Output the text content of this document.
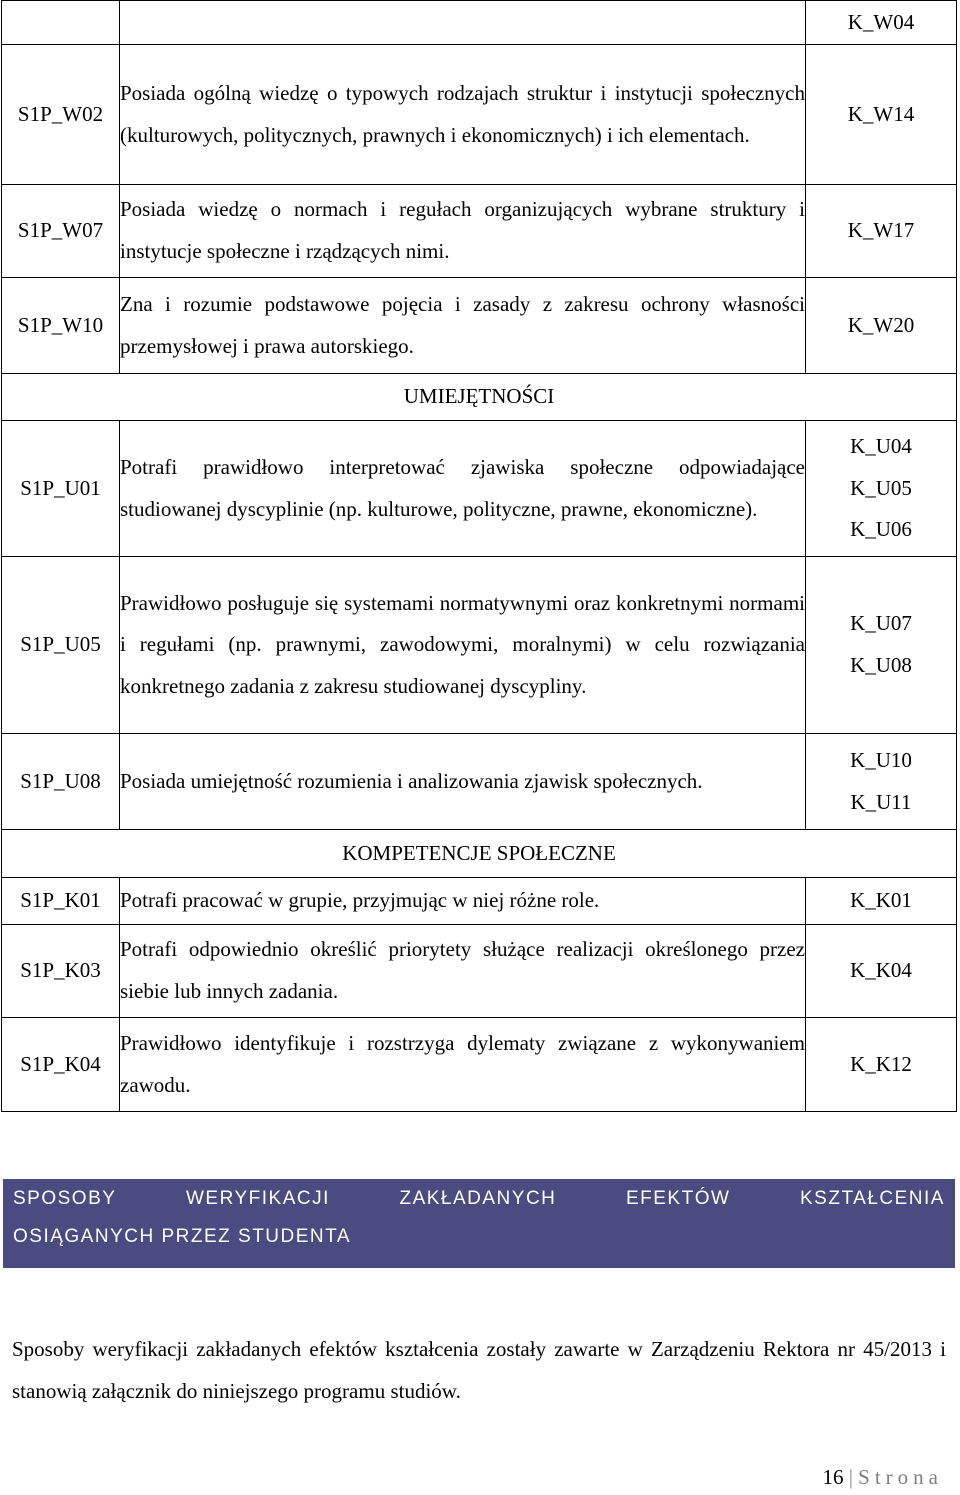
		K_W04
S1P_W02	Posiada ogólną wiedzę o typowych rodzajach struktur i instytucji społecznych (kulturowych, politycznych, prawnych i ekonomicznych) i ich elementach.	K_W14
S1P_W07	Posiada wiedzę o normach i regułach organizujących wybrane struktury i instytucje społeczne i rządzących nimi.	K_W17
S1P_W10	Zna i rozumie podstawowe pojęcia i zasady z zakresu ochrony własności przemysłowej i prawa autorskiego.	K_W20
UMIEJĘTNOŚCI		
S1P_U01	Potrafi prawidłowo interpretować zjawiska społeczne odpowiadające studiowanej dyscyplinie (np. kulturowe, polityczne, prawne, ekonomiczne).	K_U04
K_U05
K_U06

S1P_U05	Prawidłowo posługuje się systemami normatywnymi oraz konkretnymi normami i regułami (np. prawnymi, zawodowymi, moralnymi) w celu rozwiązania konkretnego zadania z zakresu studiowanej dyscypliny.	K_U07
K_U08

S1P_U08	Posiada umiejętność rozumienia i analizowania zjawisk społecznych.	K_U10
K_U11

KOMPETENCJE SPOŁECZNE		
S1P_K01	Potrafi pracować w grupie, przyjmując w niej różne role.	K_K01
S1P_K03	Potrafi odpowiednio określić priorytety służące realizacji określonego przez siebie lub innych zadania.	K_K04
S1P_K04	Prawidłowo identyfikuje i rozstrzyga dylematy związane z wykonywaniem zawodu.	K_K12
SPOSOBY	WERYFIKACJI	ZAKŁADANYCH	EFEKTÓW	KSZTAŁCENIA
OSIĄGANYCH PRZEZ STUDENTA
Sposoby weryfikacji zakładanych efektów kształcenia zostały zawarte w Zarządzeniu Rektora nr 45/2013 i stanowią załącznik do niniejszego programu studiów.
16 | Strona
